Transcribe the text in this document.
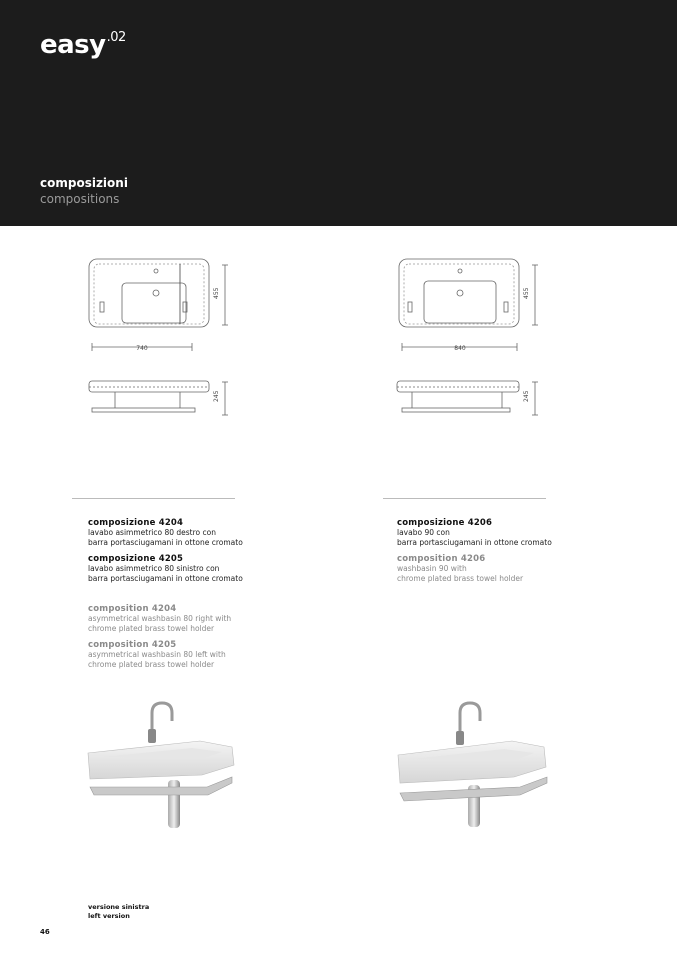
easy$^{.02}$
composizioni
compositions
740
455
245
840
455
245
composizione 4204
lavabo asimmetrico 80 destro con
barra portasciugamani in ottone cromato
composizione 4205
lavabo asimmetrico 80 sinistro con
barra portasciugamani in ottone cromato
composition 4204
asymmetrical washbasin 80 right with
chrome plated brass towel holder
composition 4205
asymmetrical washbasin 80 left with
chrome plated brass towel holder
composizione 4206
lavabo 90 con
barra portasciugamani in ottone cromato
composition 4206
washbasin 90 with
chrome plated brass towel holder
versione sinistra
left version
46
